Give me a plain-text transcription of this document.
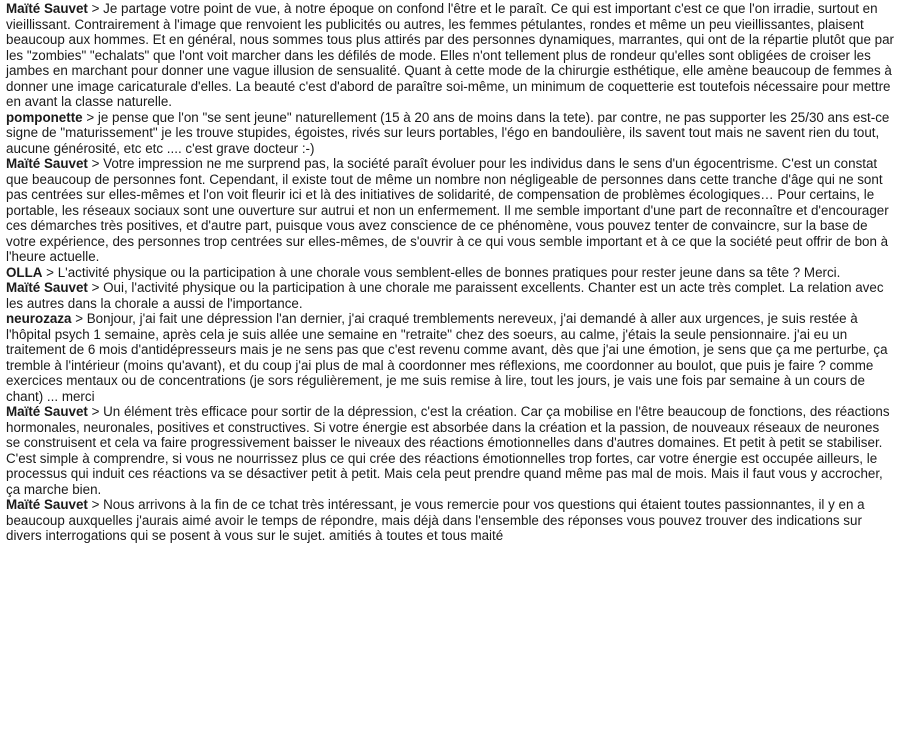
Maïté Sauvet > Je partage votre point de vue, à notre époque on confond l'être et le paraît. Ce qui est important c'est ce que l'on irradie, surtout en vieillissant. Contrairement à l'image que renvoient les publicités ou autres, les femmes pétulantes, rondes et même un peu vieillissantes, plaisent beaucoup aux hommes. Et en général, nous sommes tous plus attirés par des personnes dynamiques, marrantes, qui ont de la répartie plutôt que par les "zombies" "echalats" que l'ont voit marcher dans les défilés de mode. Elles n'ont tellement plus de rondeur qu'elles sont obligées de croiser les jambes en marchant pour donner une vague illusion de sensualité. Quant à cette mode de la chirurgie esthétique, elle amène beaucoup de femmes à donner une image caricaturale d'elles. La beauté c'est d'abord de paraître soi-même, un minimum de coquetterie est toutefois nécessaire pour mettre en avant la classe naturelle.

pomponette > je pense que l'on "se sent jeune" naturellement (15 à 20 ans de moins dans la tete). par contre, ne pas supporter les 25/30 ans est-ce signe de "maturissement" je les trouve stupides, égoistes, rivés sur leurs portables, l'égo en bandoulière, ils savent tout mais ne savent rien du tout, aucune générosité, etc etc .... c'est grave docteur :-)

Maïté Sauvet > Votre impression ne me surprend pas, la société paraît évoluer pour les individus dans le sens d'un égocentrisme. C'est un constat que beaucoup de personnes font. Cependant, il existe tout de même un nombre non négligeable de personnes dans cette tranche d'âge qui ne sont pas centrées sur elles-mêmes et l'on voit fleurir ici et là des initiatives de solidarité, de compensation de problèmes écologiques… Pour certains, le portable, les réseaux sociaux sont une ouverture sur autrui et non un enfermement. Il me semble important d'une part de reconnaître et d'encourager ces démarches très positives, et d'autre part, puisque vous avez conscience de ce phénomène, vous pouvez tenter de convaincre, sur la base de votre expérience, des personnes trop centrées sur elles-mêmes, de s'ouvrir à ce qui vous semble important et à ce que la société peut offrir de bon à l'heure actuelle.

OLLA > L'activité physique ou la participation à une chorale vous semblent-elles de bonnes pratiques pour rester jeune dans sa tête ? Merci.

Maïté Sauvet > Oui, l'activité physique ou la participation à une chorale me paraissent excellents. Chanter est un acte très complet. La relation avec les autres dans la chorale a aussi de l'importance.

neurozaza > Bonjour, j'ai fait une dépression l'an dernier, j'ai craqué tremblements nereveux, j'ai demandé à aller aux urgences, je suis restée à l'hôpital psych 1 semaine, après cela je suis allée une semaine en "retraite" chez des soeurs, au calme, j'étais la seule pensionnaire. j'ai eu un traitement de 6 mois d'antidépresseurs mais je ne sens pas que c'est revenu comme avant, dès que j'ai une émotion, je sens que ça me perturbe, ça tremble à l'intérieur (moins qu'avant), et du coup j'ai plus de mal à coordonner mes réflexions, me coordonner au boulot, que puis je faire ? comme exercices mentaux ou de concentrations (je sors régulièrement, je me suis remise à lire, tout les jours, je vais une fois par semaine à un cours de chant) ... merci

Maïté Sauvet > Un élément très efficace pour sortir de la dépression, c'est la création. Car ça mobilise en l'être beaucoup de fonctions, des réactions hormonales, neuronales, positives et constructives. Si votre énergie est absorbée dans la création et la passion, de nouveaux réseaux de neurones se construisent et cela va faire progressivement baisser le niveaux des réactions émotionnelles dans d'autres domaines. Et petit à petit se stabiliser. C'est simple à comprendre, si vous ne nourrissez plus ce qui crée des réactions émotionnelles trop fortes, car votre énergie est occupée ailleurs, le processus qui induit ces réactions va se désactiver petit à petit. Mais cela peut prendre quand même pas mal de mois. Mais il faut vous y accrocher, ça marche bien.

Maïté Sauvet > Nous arrivons à la fin de ce tchat très intéressant, je vous remercie pour vos questions qui étaient toutes passionnantes, il y en a beaucoup auxquelles j'aurais aimé avoir le temps de répondre, mais déjà dans l'ensemble des réponses vous pouvez trouver des indications sur divers interrogations qui se posent à vous sur le sujet. amitiés à toutes et tous maité
